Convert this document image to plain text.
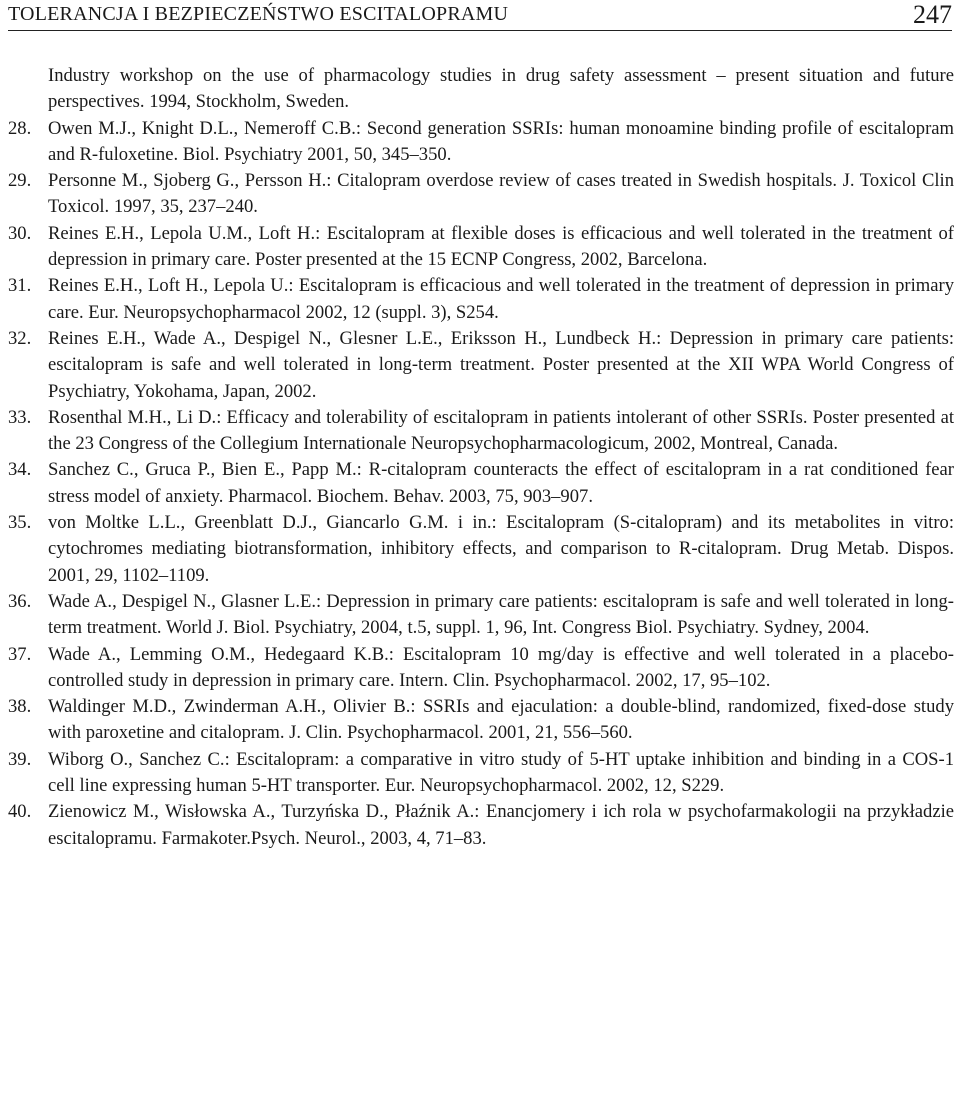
TOLERANCJA I BEZPIECZEŃSTWO ESCITALOPRAMU	247
Industry workshop on the use of pharmacology studies in drug safety assessment – present situation and future perspectives. 1994, Stockholm, Sweden.
28. Owen M.J., Knight D.L., Nemeroff C.B.: Second generation SSRIs: human monoamine binding profile of escitalopram and R-fuloxetine. Biol. Psychiatry 2001, 50, 345–350.
29. Personne M., Sjoberg G., Persson H.: Citalopram overdose review of cases treated in Swedish hospitals. J. Toxicol Clin Toxicol. 1997, 35, 237–240.
30. Reines E.H., Lepola U.M., Loft H.: Escitalopram at flexible doses is efficacious and well tolerated in the treatment of depression in primary care. Poster presented at the 15 ECNP Congress, 2002, Barcelona.
31. Reines E.H., Loft H., Lepola U.: Escitalopram is efficacious and well tolerated in the treatment of depression in primary care. Eur. Neuropsychopharmacol 2002, 12 (suppl. 3), S254.
32. Reines E.H., Wade A., Despigel N., Glesner L.E., Eriksson H., Lundbeck H.: Depression in primary care patients: escitalopram is safe and well tolerated in long-term treatment. Poster presented at the XII WPA World Congress of Psychiatry, Yokohama, Japan, 2002.
33. Rosenthal M.H., Li D.: Efficacy and tolerability of escitalopram in patients intolerant of other SSRIs. Poster presented at the 23 Congress of the Collegium Internationale Neuropsychopharmacologicum, 2002, Montreal, Canada.
34. Sanchez C., Gruca P., Bien E., Papp M.: R-citalopram counteracts the effect of escitalopram in a rat conditioned fear stress model of anxiety. Pharmacol. Biochem. Behav. 2003, 75, 903–907.
35. von Moltke L.L., Greenblatt D.J., Giancarlo G.M. i in.: Escitalopram (S-citalopram) and its metabolites in vitro: cytochromes mediating biotransformation, inhibitory effects, and comparison to R-citalopram. Drug Metab. Dispos. 2001, 29, 1102–1109.
36. Wade A., Despigel N., Glasner L.E.: Depression in primary care patients: escitalopram is safe and well tolerated in long-term treatment. World J. Biol. Psychiatry, 2004, t.5, suppl. 1, 96, Int. Congress Biol. Psychiatry. Sydney, 2004.
37. Wade A., Lemming O.M., Hedegaard K.B.: Escitalopram 10 mg/day is effective and well tolerated in a placebo-controlled study in depression in primary care. Intern. Clin. Psychopharmacol. 2002, 17, 95–102.
38. Waldinger M.D., Zwinderman A.H., Olivier B.: SSRIs and ejaculation: a double-blind, randomized, fixed-dose study with paroxetine and citalopram. J. Clin. Psychopharmacol. 2001, 21, 556–560.
39. Wiborg O., Sanchez C.: Escitalopram: a comparative in vitro study of 5-HT uptake inhibition and binding in a COS-1 cell line expressing human 5-HT transporter. Eur. Neuropsychopharmacol. 2002, 12, S229.
40. Zienowicz M., Wisłowska A., Turzyńska D., Płaźnik A.: Enancjomery i ich rola w psychofarmakologii na przykładzie escitalopramu. Farmakoter.Psych. Neurol., 2003, 4, 71–83.
